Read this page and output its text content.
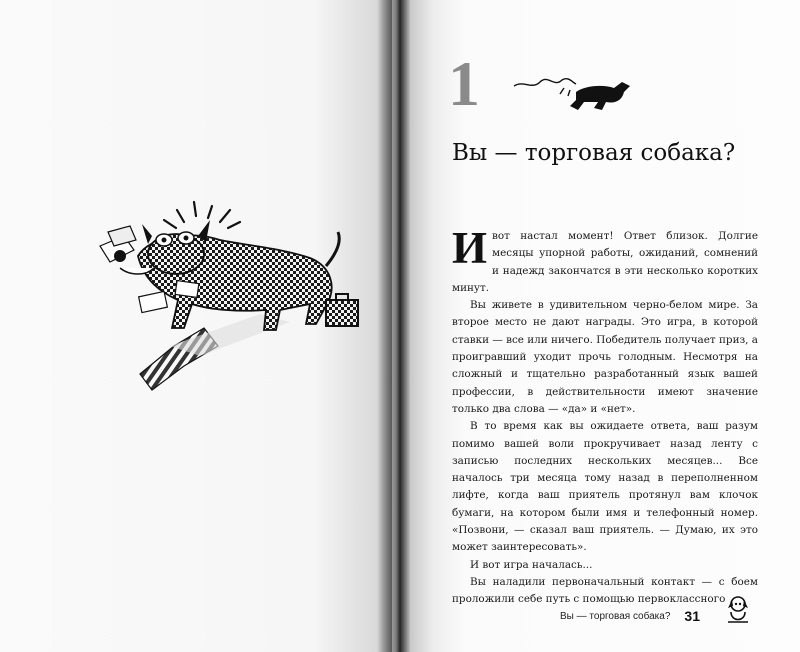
1
Вы — торговая собака?

Ивот настал момент! Ответ близок. Долгие месяцы упорной работы, ожиданий, сомнений и надежд закончатся в эти несколько коротких минут.

Вы живете в удивительном черно-белом мире. За второе место не дают награды. Это игра, в которой ставки — все или ничего. Победитель получает приз, а проигравший уходит прочь голодным. Несмотря на сложный и тщательно разработанный язык вашей профессии, в действительности имеют значение только два слова — «да» и «нет».

В то время как вы ожидаете ответа, ваш разум помимо вашей воли прокручивает назад ленту с записью последних нескольких месяцев... Все началось три месяца тому назад в переполненном лифте, когда ваш приятель протянул вам клочок бумаги, на котором были имя и телефонный номер. «Позвони, — сказал ваш приятель. — Думаю, их это может заинтересовать».

И вот игра началась...

Вы наладили первоначальный контакт — с боем проложили себе путь с помощью первоклассного

Вы — торговая собака? 31
